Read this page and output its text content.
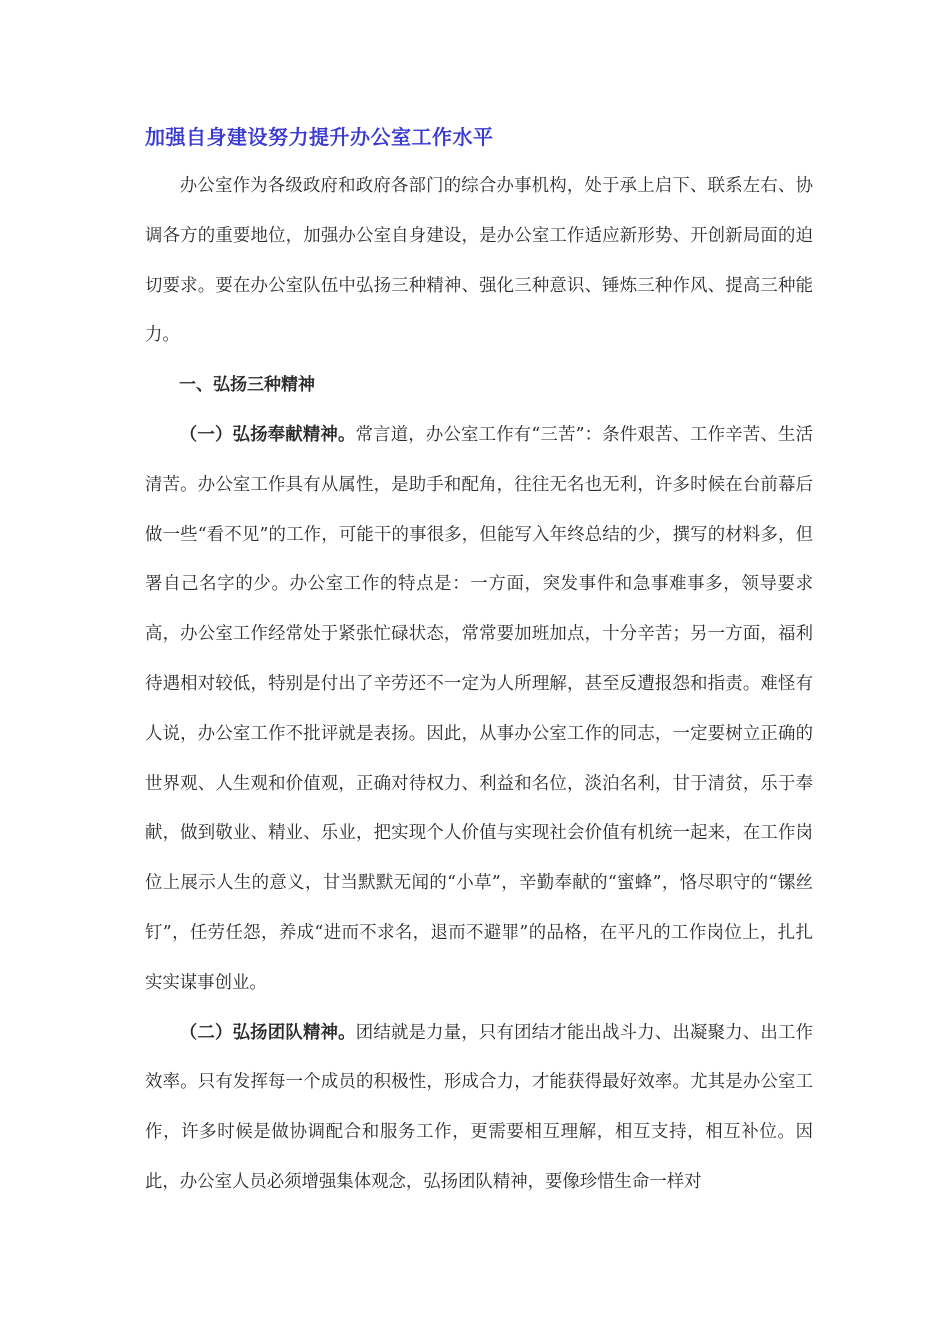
加强自身建设努力提升办公室工作水平

办公室作为各级政府和政府各部门的综合办事机构，处于承上启下、联系左右、协调各方的重要地位，加强办公室自身建设，是办公室工作适应新形势、开创新局面的迫切要求。要在办公室队伍中弘扬三种精神、强化三种意识、锤炼三种作风、提高三种能力。

一、弘扬三种精神

（一）弘扬奉献精神。常言道，办公室工作有“三苦”：条件艰苦、工作辛苦、生活清苦。办公室工作具有从属性，是助手和配角，往往无名也无利，许多时候在台前幕后做一些“看不见”的工作，可能干的事很多，但能写入年终总结的少，撰写的材料多，但署自己名字的少。办公室工作的特点是：一方面，突发事件和急事难事多，领导要求高，办公室工作经常处于紧张忙碌状态，常常要加班加点，十分辛苦；另一方面，福利待遇相对较低，特别是付出了辛劳还不一定为人所理解，甚至反遭报怨和指责。难怪有人说，办公室工作不批评就是表扬。因此，从事办公室工作的同志，一定要树立正确的世界观、人生观和价值观，正确对待权力、利益和名位，淡泊名利，甘于清贫，乐于奉献，做到敬业、精业、乐业，把实现个人价值与实现社会价值有机统一起来，在工作岗位上展示人生的意义，甘当默默无闻的“小草”，辛勤奉献的“蜜蜂”，恪尽职守的“镙丝钉”，任劳任怨，养成“进而不求名，退而不避罪”的品格，在平凡的工作岗位上，扎扎实实谋事创业。

（二）弘扬团队精神。团结就是力量，只有团结才能出战斗力、出凝聚力、出工作效率。只有发挥每一个成员的积极性，形成合力，才能获得最好效率。尤其是办公室工作，许多时候是做协调配合和服务工作，更需要相互理解，相互支持，相互补位。因此，办公室人员必须增强集体观念，弘扬团队精神，要像珍惜生命一样对
